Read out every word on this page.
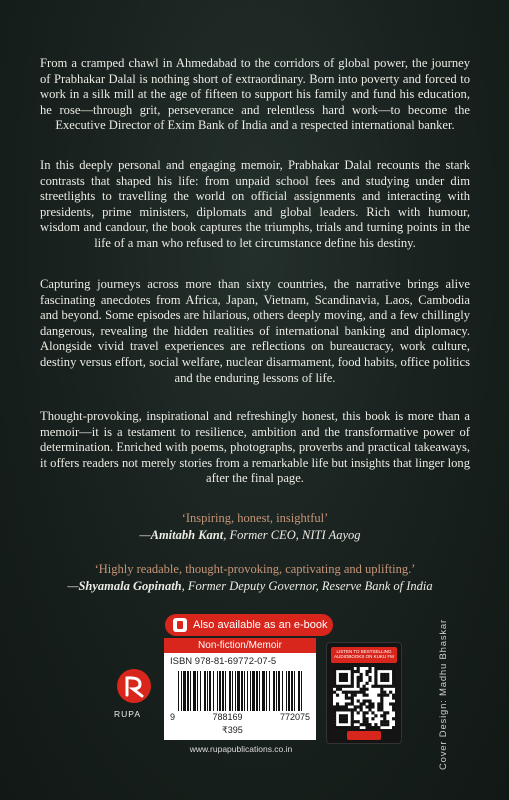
From a cramped chawl in Ahmedabad to the corridors of global power, the journey of Prabhakar Dalal is nothing short of extraordinary. Born into poverty and forced to work in a silk mill at the age of fifteen to support his family and fund his education, he rose—through grit, perseverance and relentless hard work—to become the Executive Director of Exim Bank of India and a respected international banker.

In this deeply personal and engaging memoir, Prabhakar Dalal recounts the stark contrasts that shaped his life: from unpaid school fees and studying under dim streetlights to travelling the world on official assignments and interacting with presidents, prime ministers, diplomats and global leaders. Rich with humour, wisdom and candour, the book captures the triumphs, trials and turning points in the life of a man who refused to let circumstance define his destiny.

Capturing journeys across more than sixty countries, the narrative brings alive fascinating anecdotes from Africa, Japan, Vietnam, Scandinavia, Laos, Cambodia and beyond. Some episodes are hilarious, others deeply moving, and a few chillingly dangerous, revealing the hidden realities of international banking and diplomacy. Alongside vivid travel experiences are reflections on bureaucracy, work culture, destiny versus effort, social welfare, nuclear disarmament, food habits, office politics and the enduring lessons of life.

Thought-provoking, inspirational and refreshingly honest, this book is more than a memoir—it is a testament to resilience, ambition and the transformative power of determination. Enriched with poems, photographs, proverbs and practical takeaways, it offers readers not merely stories from a remarkable life but insights that linger long after the final page.

‘Inspiring, honest, insightful’

—Amitabh Kant, Former CEO, NITI Aayog

‘Highly readable, thought-provoking, captivating and uplifting.’

—Shyamala Gopinath, Former Deputy Governor, Reserve Bank of India

Also available as an e-book
Non-fiction/Memoir
ISBN 978-81-69772-07-5
9	788169	772075
₹395
RUPA
LISTEN TO BESTSELLING AUDIOBOOKS ON KUKU FM
www.rupapublications.co.in	Cover Design: Madhu Bhaskar
